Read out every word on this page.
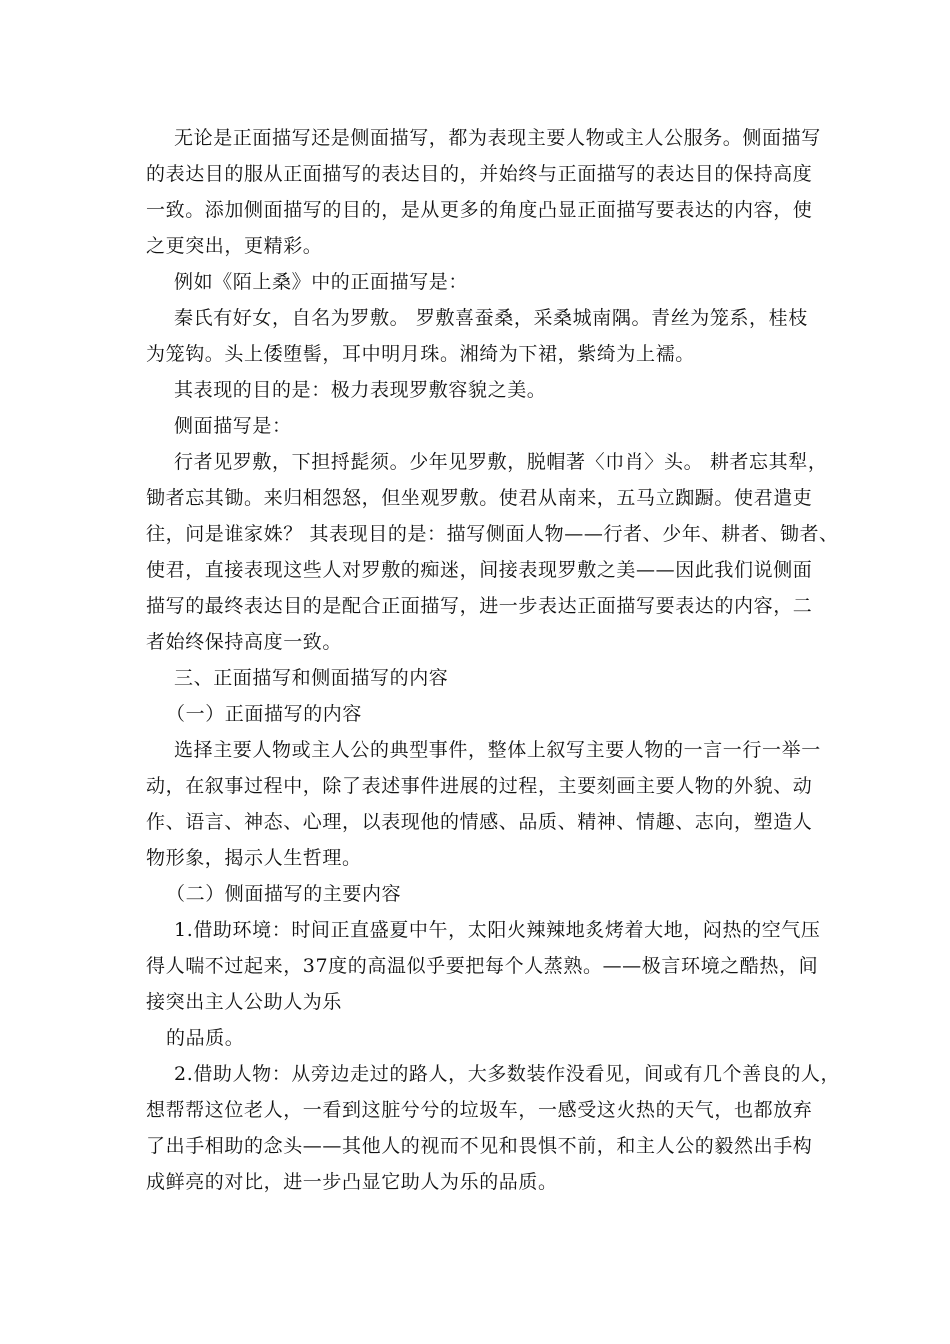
无论是正面描写还是侧面描写，都为表现主要人物或主人公服务。侧面描写
的表达目的服从正面描写的表达目的，并始终与正面描写的表达目的保持高度
一致。添加侧面描写的目的，是从更多的角度凸显正面描写要表达的内容，使
之更突出，更精彩。
例如《陌上桑》中的正面描写是：
秦氏有好女，自名为罗敷。 罗敷喜蚕桑，采桑城南隅。青丝为笼系，桂枝
为笼钩。头上倭堕髻，耳中明月珠。湘绮为下裙，紫绮为上襦。
其表现的目的是：极力表现罗敷容貌之美。
侧面描写是：
行者见罗敷，下担捋髭须。少年见罗敷，脱帽著〈巾肖〉头。 耕者忘其犁，
锄者忘其锄。来归相怨怒，但坐观罗敷。使君从南来，五马立踟蹰。使君遣吏
往，问是谁家姝？ 其表现目的是：描写侧面人物——行者、少年、耕者、锄者、
使君，直接表现这些人对罗敷的痴迷，间接表现罗敷之美——因此我们说侧面
描写的最终表达目的是配合正面描写，进一步表达正面描写要表达的内容，二
者始终保持高度一致。
三、正面描写和侧面描写的内容
（一）正面描写的内容
选择主要人物或主人公的典型事件，整体上叙写主要人物的一言一行一举一
动，在叙事过程中，除了表述事件进展的过程，主要刻画主要人物的外貌、动
作、语言、神态、心理，以表现他的情感、品质、精神、情趣、志向，塑造人
物形象，揭示人生哲理。
（二）侧面描写的主要内容
1.借助环境：时间正直盛夏中午，太阳火辣辣地炙烤着大地，闷热的空气压
得人喘不过起来，37度的高温似乎要把每个人蒸熟。——极言环境之酷热，间
接突出主人公助人为乐
的品质。
2.借助人物：从旁边走过的路人，大多数装作没看见，间或有几个善良的人，
想帮帮这位老人，一看到这脏兮兮的垃圾车，一感受这火热的天气，也都放弃
了出手相助的念头——其他人的视而不见和畏惧不前，和主人公的毅然出手构
成鲜亮的对比，进一步凸显它助人为乐的品质。
